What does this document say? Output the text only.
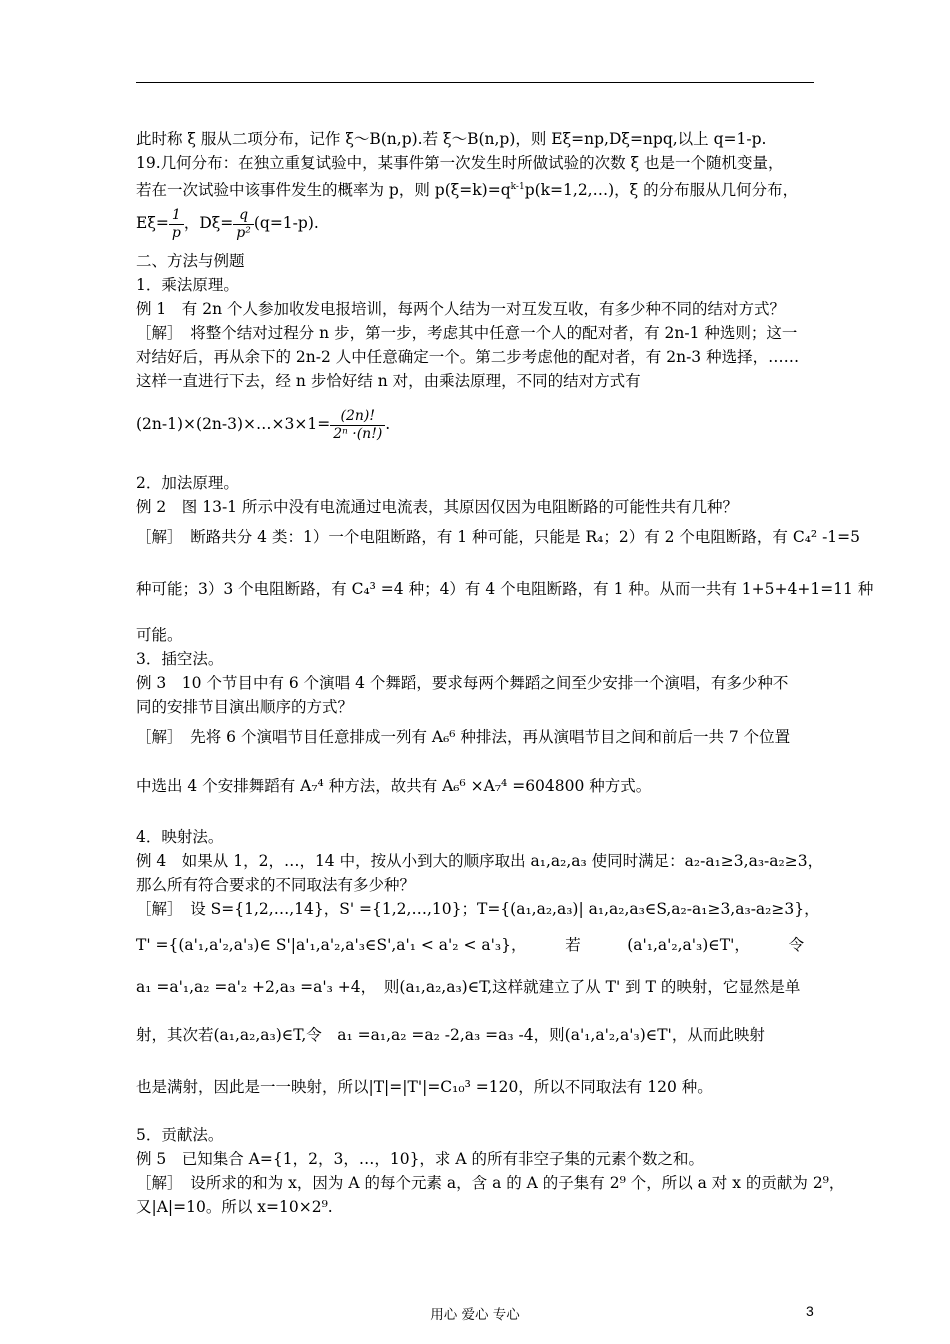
此时称 ξ 服从二项分布，记作 ξ～B(n,p).若 ξ～B(n,p)，则 Eξ=np,Dξ=npq,以上 q=1-p.
19.几何分布：在独立重复试验中，某事件第一次发生时所做试验的次数 ξ 也是一个随机变量，
若在一次试验中该事件发生的概率为 p，则 $p(\xi=k)=q^{k-1}p(k=1,2,\dots)$，ξ 的分布服从几何分布，
$E\xi= \frac{1}{p}$ ，$D\xi= \frac{q}{\text{p²}} (q=1-p)$.
二、方法与例题
1．乘法原理。
例 1　有 2n 个人参加收发电报培训，每两个人结为一对互发互收，有多少种不同的结对方式？
［解］　将整个结对过程分 n 步，第一步，考虑其中任意一个人的配对者，有 2n-1 种选则；这一
对结好后，再从余下的 2n-2 人中任意确定一个。第二步考虑他的配对者，有 2n-3 种选择，……
这样一直进行下去，经 n 步恰好结 n 对，由乘法原理，不同的结对方式有
(2n-1)×(2n-3)×…×3×1= $\frac{(2n)!}{\text{2ⁿ ·(n!)}}$ .
2．加法原理。
例 2　图 13-1 所示中没有电流通过电流表，其原因仅因为电阻断路的可能性共有几种？
［解］　断路共分 4 类：1）一个电阻断路，有 1 种可能，只能是 R₄；2）有 2 个电阻断路，有 C₄² -1=5
种可能；3）3 个电阻断路，有 C₄³ =4 种；4）有 4 个电阻断路，有 1 种。从而一共有 1+5+4+1=11 种
可能。
3．插空法。
例 3　10 个节目中有 6 个演唱 4 个舞蹈，要求每两个舞蹈之间至少安排一个演唱，有多少种不
同的安排节目演出顺序的方式？
［解］　先将 6 个演唱节目任意排成一列有 A₆⁶ 种排法，再从演唱节目之间和前后一共 7 个位置
中选出 4 个安排舞蹈有 A₇⁴ 种方法，故共有 A₆⁶ ×A₇⁴ =604800 种方式。
4．映射法。
例 4　如果从 1，2，…，14 中，按从小到大的顺序取出 a₁,a₂,a₃ 使同时满足：a₂-a₁≥3,a₃-a₂≥3，
那么所有符合要求的不同取法有多少种？
［解］　设 S={1,2,…,14}，S' ={1,2,…,10}；T={(a₁,a₂,a₃)| a₁,a₂,a₃∈S,a₂-a₁≥3,a₃-a₂≥3}，
T' ={(a'₁,a'₂,a'₃)∈ S'|a'₁,a'₂,a'₃∈S',a'₁ < a'₂ < a'₃}，　　　若　　　(a'₁,a'₂,a'₃)∈T'，　　　令
a₁ =a'₁,a₂ =a'₂ +2,a₃ =a'₃ +4，　则(a₁,a₂,a₃)∈T,这样就建立了从 T' 到 T 的映射，它显然是单
射，其次若(a₁,a₂,a₃)∈T,令　a₁ =a₁,a₂ =a₂ -2,a₃ =a₃ -4，则(a'₁,a'₂,a'₃)∈T'，从而此映射
也是满射，因此是一一映射，所以|T|=|T'|=C₁₀³ =120，所以不同取法有 120 种。
5．贡献法。
例 5　已知集合 A={1，2，3，…，10}，求 A 的所有非空子集的元素个数之和。
［解］　设所求的和为 x，因为 A 的每个元素 a，含 a 的 A 的子集有 2⁹ 个，所以 a 对 x 的贡献为 2⁹，
又|A|=10。所以 x=10×2⁹.
用心 爱心 专心	3
